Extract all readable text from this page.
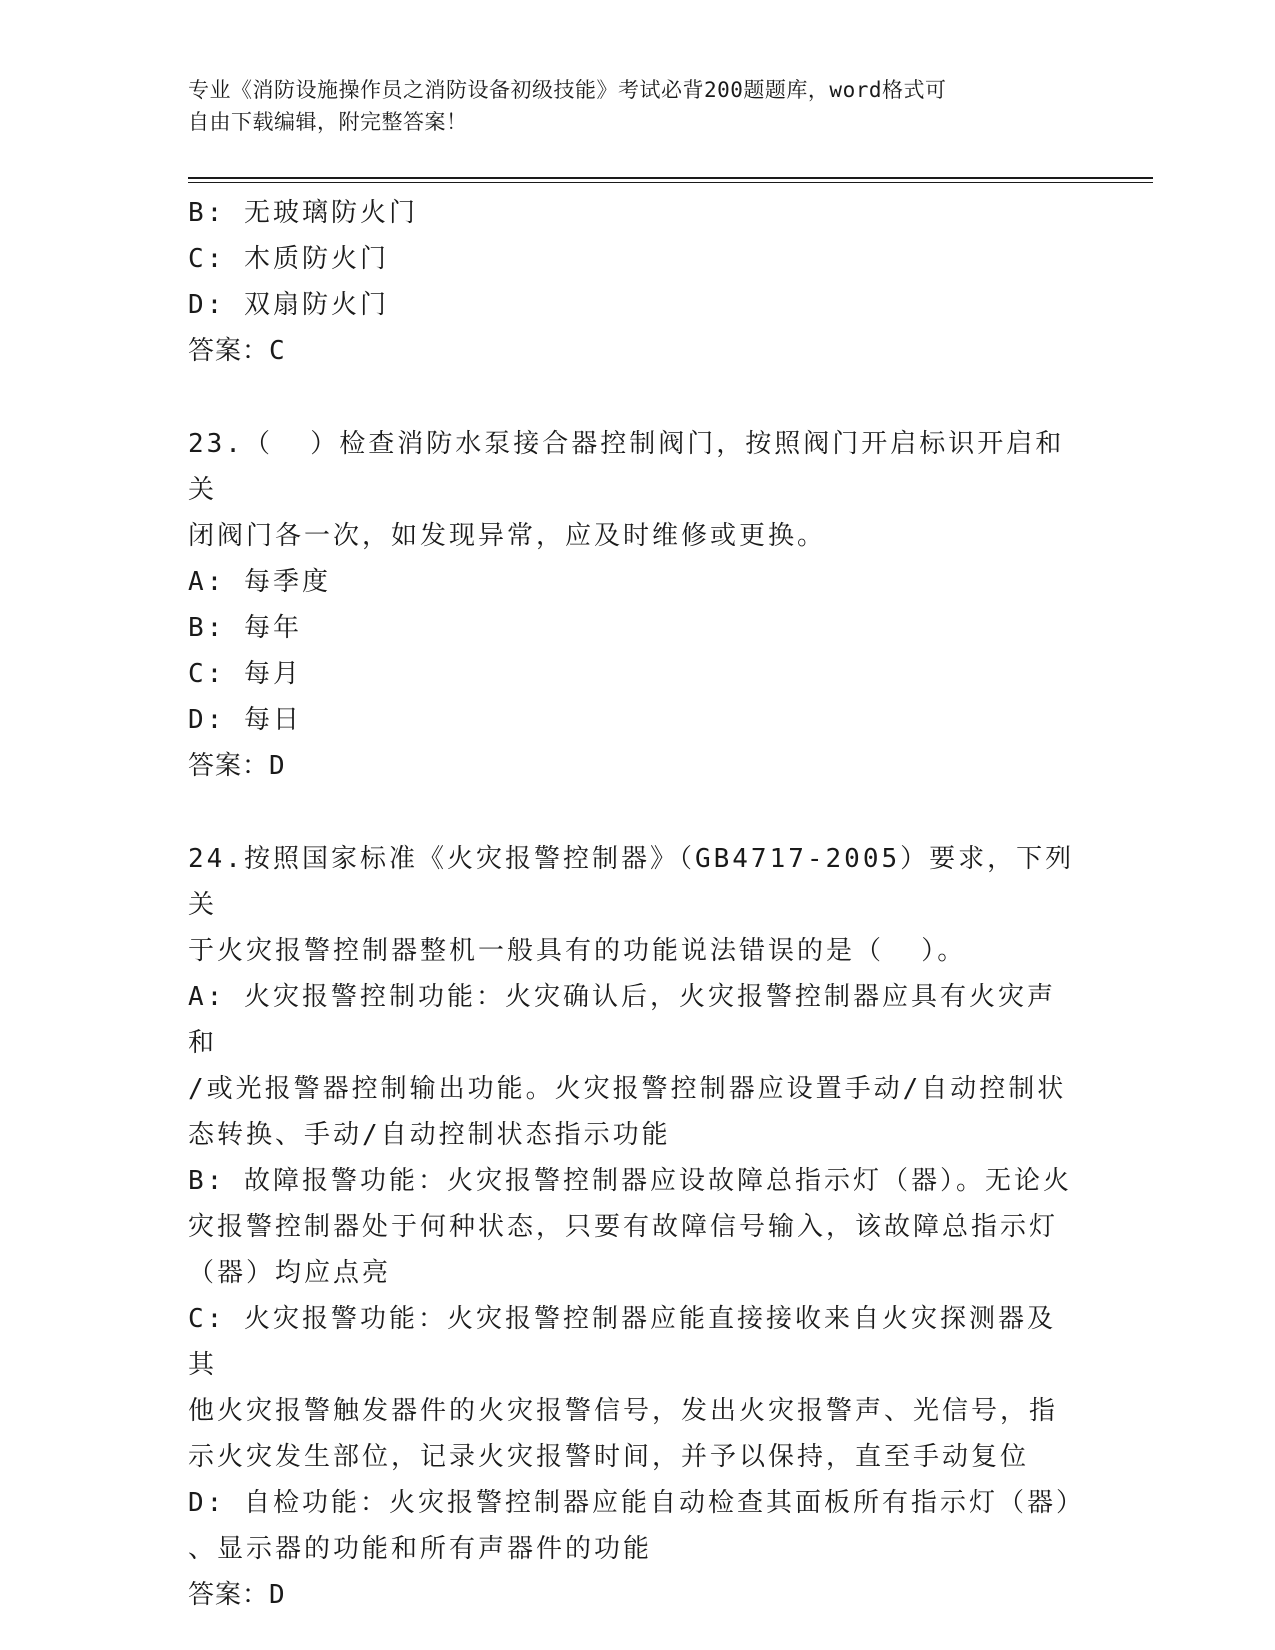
专业《消防设施操作员之消防设备初级技能》考试必背200题题库，word格式可
自由下载编辑，附完整答案！
B: 无玻璃防火门
C: 木质防火门
D: 双扇防火门
答案：C
23.（  ）检查消防水泵接合器控制阀门，按照阀门开启标识开启和关
闭阀门各一次，如发现异常，应及时维修或更换。
A: 每季度
B: 每年
C: 每月
D: 每日
答案：D
24.按照国家标准《火灾报警控制器》（GB4717-2005）要求，下列关
于火灾报警控制器整机一般具有的功能说法错误的是（  ）。
A: 火灾报警控制功能：火灾确认后，火灾报警控制器应具有火灾声和
/或光报警器控制输出功能。火灾报警控制器应设置手动/自动控制状
态转换、手动/自动控制状态指示功能
B: 故障报警功能：火灾报警控制器应设故障总指示灯（器）。无论火
灾报警控制器处于何种状态，只要有故障信号输入，该故障总指示灯
（器）均应点亮
C: 火灾报警功能：火灾报警控制器应能直接接收来自火灾探测器及其
他火灾报警触发器件的火灾报警信号，发出火灾报警声、光信号，指
示火灾发生部位，记录火灾报警时间，并予以保持，直至手动复位
D: 自检功能：火灾报警控制器应能自动检查其面板所有指示灯（器）
、显示器的功能和所有声器件的功能
答案：D
